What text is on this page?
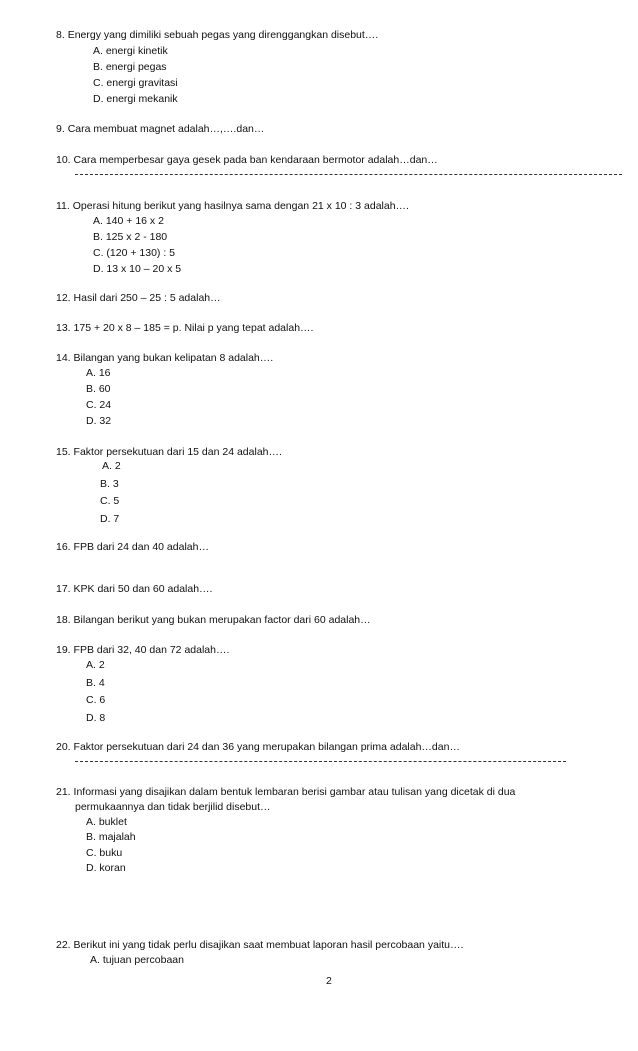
8. Energy yang dimiliki sebuah pegas yang direnggangkan disebut….
A. energi kinetik
B. energi pegas
C. energi gravitasi
D. energi mekanik
9. Cara membuat magnet adalah…,….dan…
10. Cara memperbesar gaya gesek pada ban kendaraan bermotor adalah…dan…
11. Operasi hitung berikut yang hasilnya sama dengan 21 x 10 : 3 adalah….
A. 140 + 16 x 2
B. 125 x 2 - 180
C. (120 + 130) : 5
D. 13 x 10 – 20 x 5
12. Hasil dari 250 – 25 : 5 adalah…
13. 175 + 20 x 8 – 185 = p. Nilai p yang tepat adalah….
14. Bilangan yang bukan kelipatan 8 adalah….
A. 16
B. 60
C. 24
D. 32
15. Faktor persekutuan dari 15 dan 24 adalah….
A. 2
B. 3
C. 5
D. 7
16. FPB dari 24 dan 40 adalah…
17. KPK dari 50 dan 60 adalah….
18. Bilangan berikut yang bukan merupakan factor dari 60 adalah…
19. FPB dari 32, 40 dan 72 adalah….
A. 2
B. 4
C. 6
D. 8
20. Faktor persekutuan dari 24 dan 36 yang merupakan bilangan prima adalah…dan…
21. Informasi yang disajikan dalam bentuk lembaran berisi gambar atau tulisan yang dicetak di dua
permukaannya dan tidak berjilid disebut…
A. buklet
B. majalah
C. buku
D. koran
22. Berikut ini yang tidak perlu disajikan saat membuat laporan hasil percobaan yaitu….
A. tujuan percobaan
2
